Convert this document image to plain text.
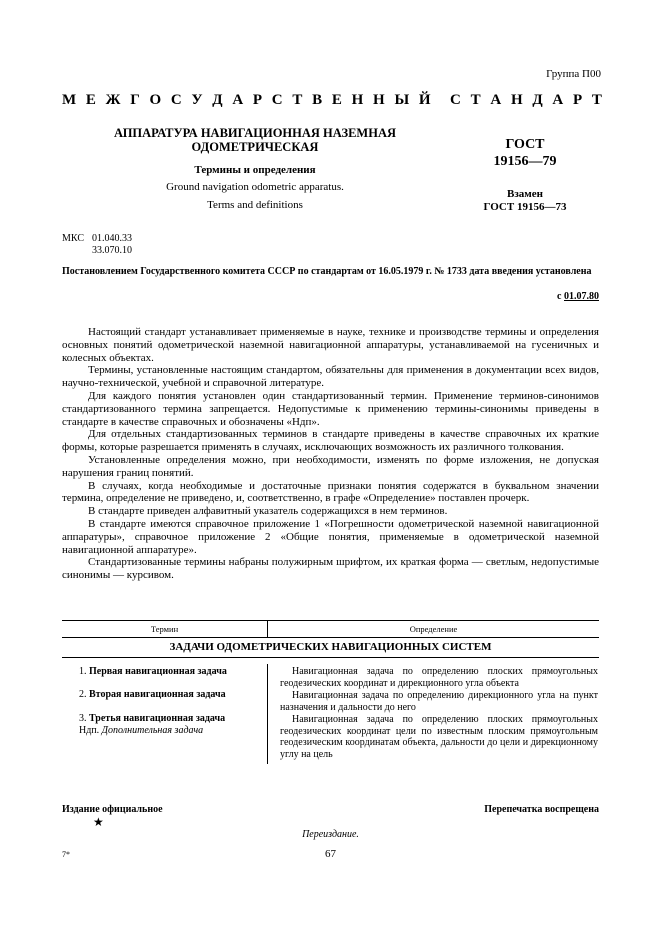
Группа П00
М Е Ж Г О С У Д А Р С Т В Е Н Н Ы Й С Т А Н Д А Р Т
АППАРАТУРА НАВИГАЦИОННАЯ НАЗЕМНАЯ
ОДОМЕТРИЧЕСКАЯ
Термины и определения
Ground navigation odometric apparatus.
Terms and definitions
ГОСТ
19156—79
Взамен
ГОСТ 19156—73
МКС 01.040.33
33.070.10
Постановлением Государственного комитета СССР по стандартам от 16.05.1979 г. № 1733 дата введения установлена
с 01.07.80

Настоящий стандарт устанавливает применяемые в науке, технике и производстве термины и определения основных понятий одометрической наземной навигационной аппаратуры, устанавливаемой на гусеничных и колесных объектах.

Термины, установленные настоящим стандартом, обязательны для применения в документации всех видов, научно-технической, учебной и справочной литературе.

Для каждого понятия установлен один стандартизованный термин. Применение терминов-синонимов стандартизованного термина запрещается. Недопустимые к применению термины-синонимы приведены в стандарте в качестве справочных и обозначены «Ндп».

Для отдельных стандартизованных терминов в стандарте приведены в качестве справочных их краткие формы, которые разрешается применять в случаях, исключающих возможность их различного толкования.

Установленные определения можно, при необходимости, изменять по форме изложения, не допуская нарушения границ понятий.

В случаях, когда необходимые и достаточные признаки понятия содержатся в буквальном значении термина, определение не приведено, и, соответственно, в графе «Определение» поставлен прочерк.

В стандарте приведен алфавитный указатель содержащихся в нем терминов.

В стандарте имеются справочное приложение 1 «Погрешности одометрической наземной навигационной аппаратуры», справочное приложение 2 «Общие понятия, применяемые в одометрической наземной навигационной аппаратуре».

Стандартизованные термины набраны полужирным шрифтом, их краткая форма — светлым, недопустимые синонимы — курсивом.

Термин	Определение
ЗАДАЧИ ОДОМЕТРИЧЕСКИХ НАВИГАЦИОННЫХ СИСТЕМ
1. Первая навигационная задача
2. Вторая навигационная задача
3. Третья навигационная задача
Ндп. Дополнительная задача

Навигационная задача по определению плоских прямоугольных геодезических координат и дирекционного угла объекта

Навигационная задача по определению дирекционного угла на пункт назначения и дальности до него

Навигационная задача по определению плоских прямоугольных геодезических координат цели по известным плоским прямоугольным геодезическим координатам объекта, дальности до цели и дирекционному углу на цель

Издание официальное	Перепечатка воспрещена
★
Переиздание.
67
7*
